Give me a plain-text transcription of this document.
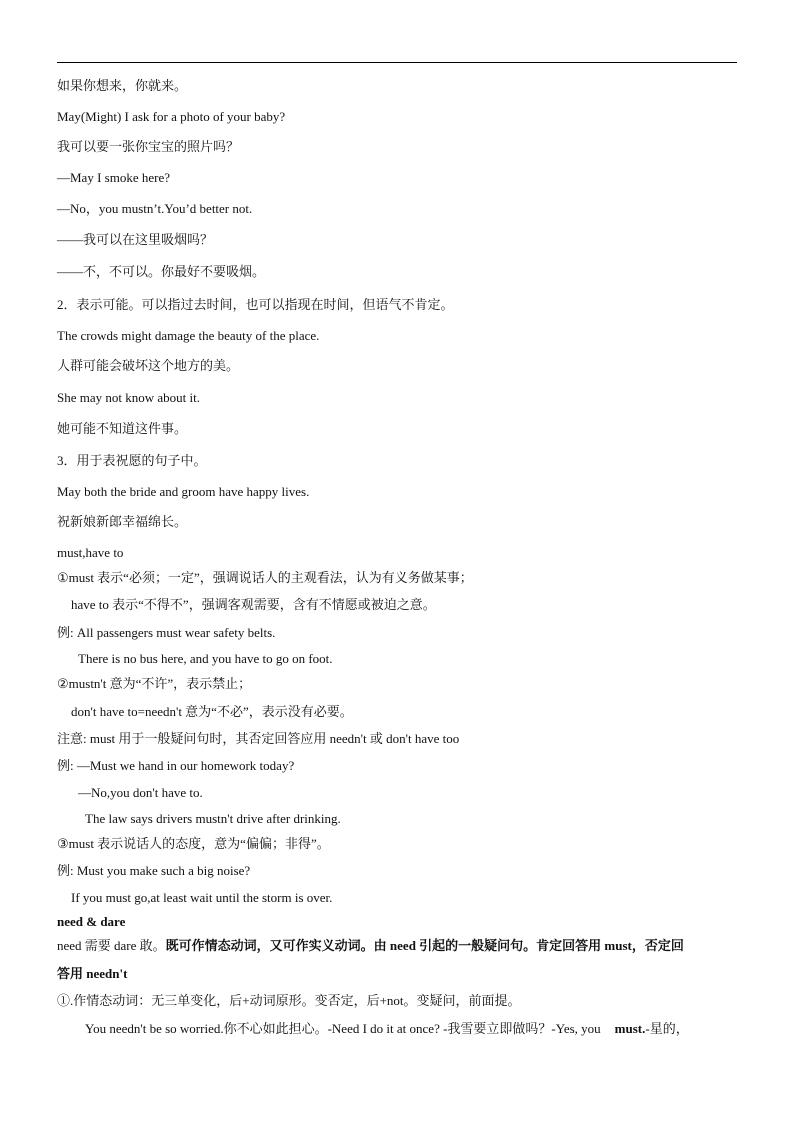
如果你想来，你就来。
May(Might) I ask for a photo of your baby?
我可以要一张你宝宝的照片吗？
—May I smoke here?
—No，you mustn’t.You’d better not.
——我可以在这里吸烟吗？
——不，不可以。你最好不要吸烟。
2．表示可能。可以指过去时间，也可以指现在时间，但语气不肯定。
The crowds might damage the beauty of the place.
人群可能会破坏这个地方的美。
She may not know about it.
她可能不知道这件事。
3．用于表祝愿的句子中。
May both the bride and groom have happy lives.
祝新娘新郎幸福绵长。
must,have to
①must 表示“必须；一定”，强调说话人的主观看法，认为有义务做某事；
have to 表示“不得不”，强调客观需要，含有不情愿或被迫之意。
例: All passengers must wear safety belts.
There is no bus here, and you have to go on foot.
②mustn't 意为“不许”，表示禁止；
don't have to=needn't 意为“不必”，表示没有必要。
注意: must 用于一般疑问句时，其否定回答应用 needn't 或 don't have too
例: —Must we hand in our homework today?
—No,you don't have to.
The law says drivers mustn't drive after drinking.
③must 表示说话人的态度，意为“偏偏；非得”。
例: Must you make such a big noise?
If you must go,at least wait until the storm is over.
need & dare
need 需要 dare 敢。既可作情态动词，又可作实义动词。由 need 引起的一般疑问句。肯定回答用 must，否定回
答用 needn't
①.作情态动词：无三单变化，后+动词原形。变否定，后+not。变疑问，前面提。
You needn't be so worried.你不心如此担心。-Need I do it at once? -我雪要立即做吗？-Yes, you must.-星的，
